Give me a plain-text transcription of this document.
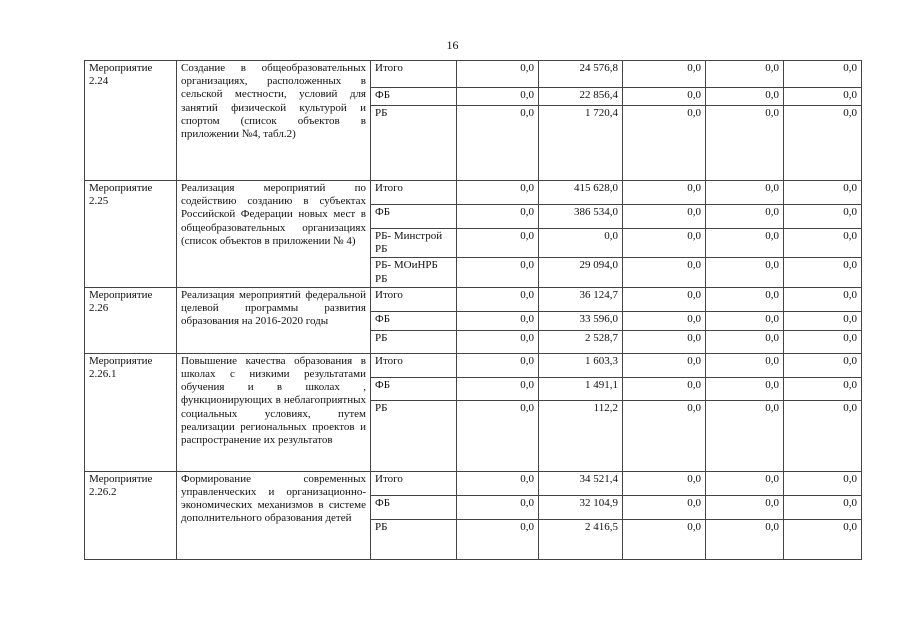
16
Мероприятие 2.24	Создание в общеобразовательных организациях, расположенных в сельской местности, условий для занятий физической культурой и спортом (список объектов в приложении №4, табл.2)	Итого	0,0	24 576,8	0,0	0,0	0,0
		ФБ	0,0	22 856,4	0,0	0,0	0,0
		РБ	0,0	1 720,4	0,0	0,0	0,0
Мероприятие 2.25	Реализация мероприятий по содействию созданию в субъектах Российской Федерации новых мест в общеобразовательных организациях (список объектов в приложении № 4)	Итого	0,0	415 628,0	0,0	0,0	0,0
		ФБ	0,0	386 534,0	0,0	0,0	0,0
		РБ- Минстрой РБ	0,0	0,0	0,0	0,0	0,0
		РБ- МОиНРБ РБ	0,0	29 094,0	0,0	0,0	0,0
Мероприятие 2.26	Реализация мероприятий федеральной целевой программы развития образования на 2016-2020 годы	Итого	0,0	36 124,7	0,0	0,0	0,0
		ФБ	0,0	33 596,0	0,0	0,0	0,0
		РБ	0,0	2 528,7	0,0	0,0	0,0
Мероприятие 2.26.1	Повышение качества образования в школах с низкими результатами обучения и в школах , функционирующих в неблагоприятных социальных условиях, путем реализации региональных проектов и распространение их результатов	Итого	0,0	1 603,3	0,0	0,0	0,0
		ФБ	0,0	1 491,1	0,0	0,0	0,0
		РБ	0,0	112,2	0,0	0,0	0,0
Мероприятие 2.26.2	Формирование современных управленческих и организационно-экономических механизмов в системе дополнительного образования детей	Итого	0,0	34 521,4	0,0	0,0	0,0
		ФБ	0,0	32 104,9	0,0	0,0	0,0
		РБ	0,0	2 416,5	0,0	0,0	0,0
